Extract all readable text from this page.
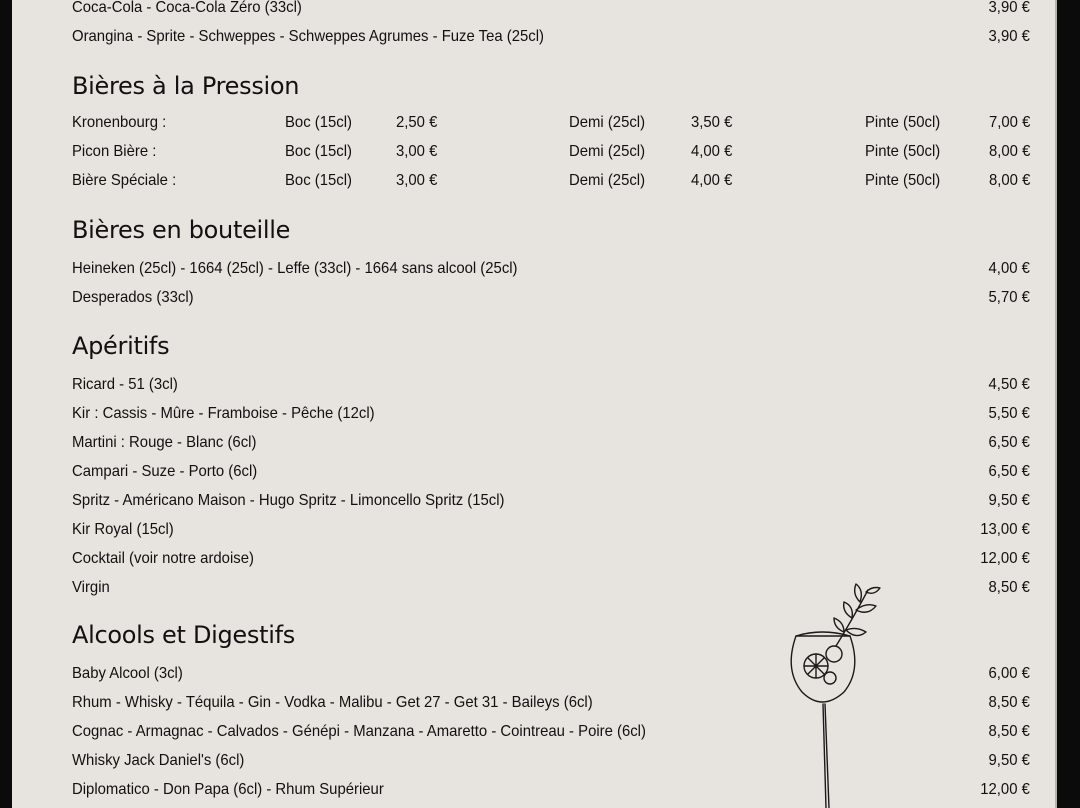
Coca-Cola - Coca-Cola Zéro (33cl)	3,90 €
Orangina - Sprite - Schweppes - Schweppes Agrumes - Fuze Tea (25cl)	3,90 €
Bières à la Pression
Kronenbourg :	Boc (15cl)	2,50 €	Demi (25cl)	3,50 €	Pinte (50cl)	7,00 €
Picon Bière :	Boc (15cl)	3,00 €	Demi (25cl)	4,00 €	Pinte (50cl)	8,00 €
Bière Spéciale :	Boc (15cl)	3,00 €	Demi (25cl)	4,00 €	Pinte (50cl)	8,00 €
Bières en bouteille
Heineken (25cl) - 1664 (25cl) - Leffe (33cl) - 1664 sans alcool (25cl)	4,00 €
Desperados (33cl)	5,70 €
Apéritifs
Ricard - 51 (3cl)	4,50 €
Kir : Cassis - Mûre - Framboise - Pêche (12cl)	5,50 €
Martini : Rouge - Blanc (6cl)	6,50 €
Campari - Suze - Porto (6cl)	6,50 €
Spritz - Américano Maison - Hugo Spritz - Limoncello Spritz (15cl)	9,50 €
Kir Royal (15cl)	13,00 €
Cocktail (voir notre ardoise)	12,00 €
Virgin	8,50 €
Alcools et Digestifs
Baby Alcool (3cl)	6,00 €
Rhum - Whisky - Téquila - Gin - Vodka - Malibu - Get 27 - Get 31 - Baileys (6cl)	8,50 €
Cognac - Armagnac - Calvados - Génépi - Manzana - Amaretto - Cointreau - Poire (6cl)	8,50 €
Whisky Jack Daniel's (6cl)	9,50 €
Diplomatico - Don Papa (6cl) - Rhum Supérieur	12,00 €
